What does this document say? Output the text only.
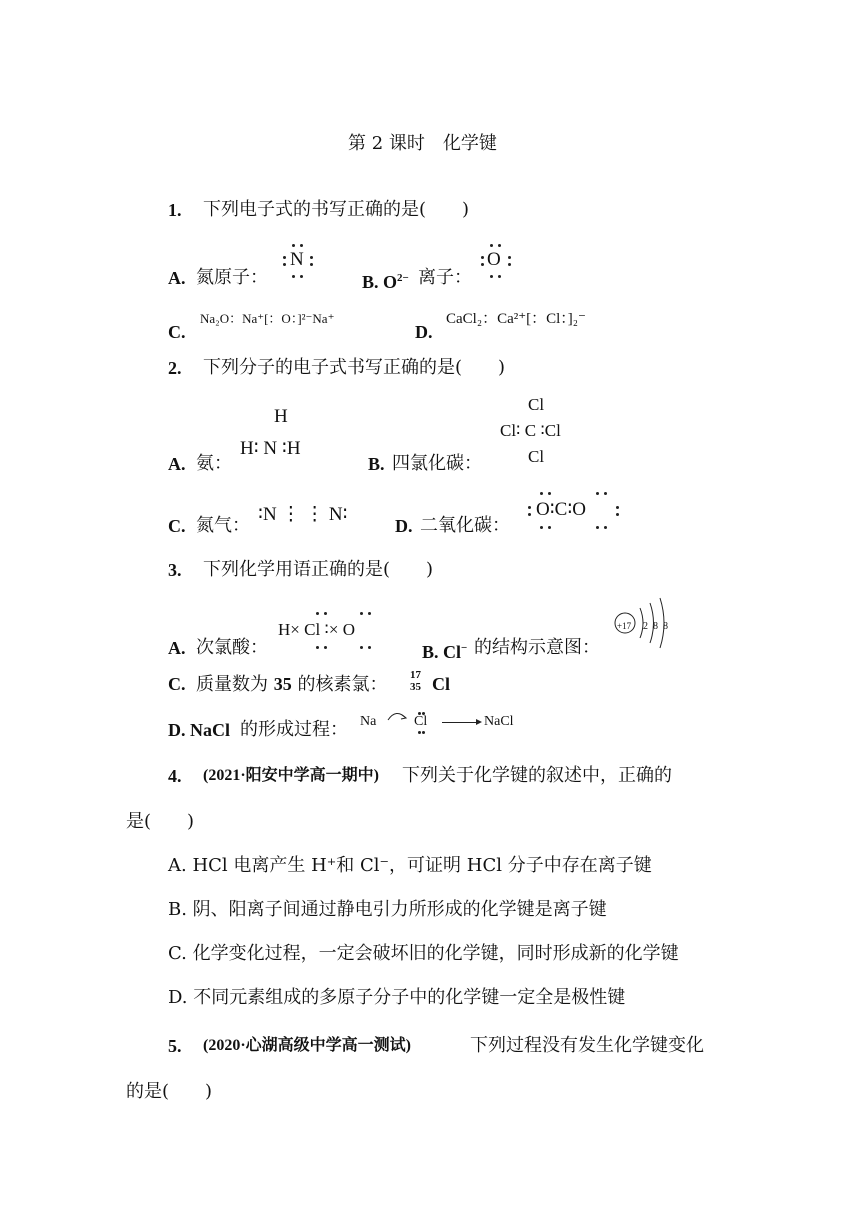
第 2 课时　化学键
1. 下列电子式的书写正确的是(　　)
A. 氮原子：
N
B. $O^{2-}$ 离子：
O
C.
Na₂O：Na⁺[：O：]²⁻Na⁺
D.
CaCl₂：Ca²⁺[：Cl：]₂⁻
2. 下列分子的电子式书写正确的是(　　)
A. 氨：
H
H∶ N ∶H
B. 四氯化碳：
Cl
Cl∶ C ∶Cl
Cl
C. 氮气：
∶N ⋮ ⋮ N∶
D. 二氧化碳：
O∶C∶O
3. 下列化学用语正确的是(　　)
A. 次氯酸：
H× Cl ∶× O
B. Cl− 的结构示意图：
+17 2 8 8
C. 质量数为 35 的核素氯： 17
35 Cl
D. NaCl 的形成过程： Na	Cl	NaCl
4. (2021·阳安中学高一期中) 下列关于化学键的叙述中，正确的
是(　　)
A. HCl 电离产生 H⁺和 Cl⁻，可证明 HCl 分子中存在离子键
B. 阴、阳离子间通过静电引力所形成的化学键是离子键
C. 化学变化过程，一定会破坏旧的化学键，同时形成新的化学键
D. 不同元素组成的多原子分子中的化学键一定全是极性键
5. (2020·心湖高级中学高一测试)	下列过程没有发生化学键变化
的是(　　)
